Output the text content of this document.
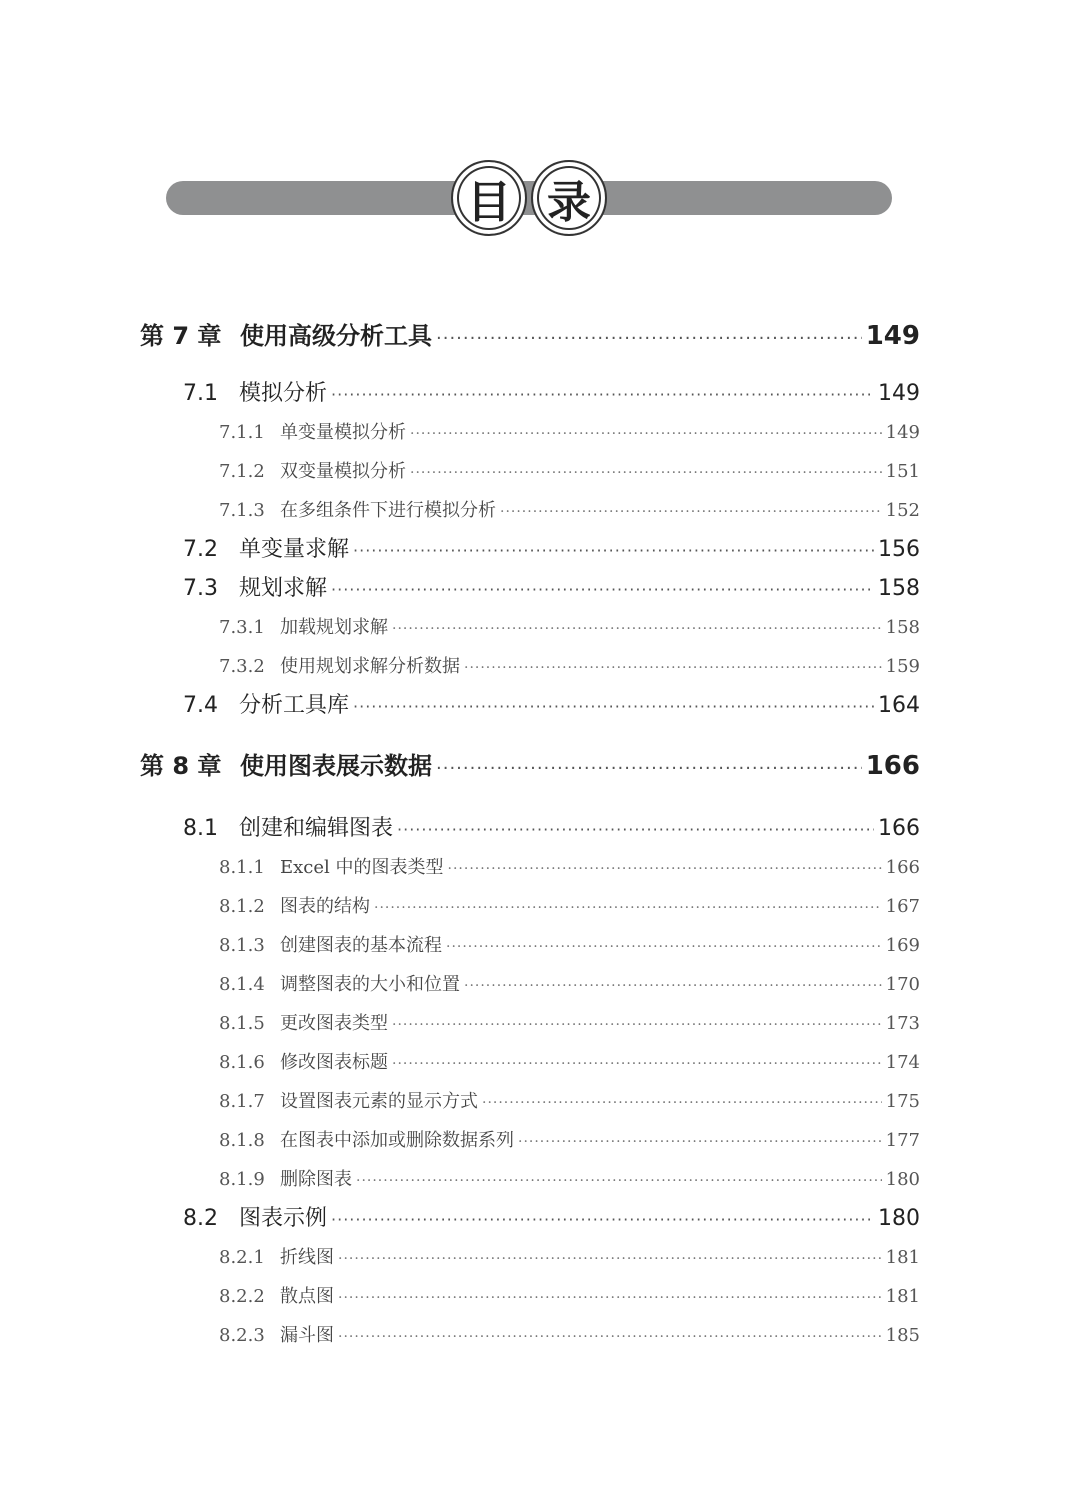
目 录
第 7 章 使用高级分析工具 ·····	149
7.1 模拟分析 ·····	149
7.1.1 单变量模拟分析 ·····	149
7.1.2 双变量模拟分析 ·····	151
7.1.3 在多组条件下进行模拟分析 ·····	152
7.2 单变量求解 ·····	156
7.3 规划求解 ·····	158
7.3.1 加载规划求解 ·····	158
7.3.2 使用规划求解分析数据 ·····	159
7.4 分析工具库 ·····	164
第 8 章 使用图表展示数据 ·····	166
8.1 创建和编辑图表 ·····	166
8.1.1 Excel 中的图表类型 ·····	166
8.1.2 图表的结构 ·····	167
8.1.3 创建图表的基本流程 ·····	169
8.1.4 调整图表的大小和位置 ·····	170
8.1.5 更改图表类型 ·····	173
8.1.6 修改图表标题 ·····	174
8.1.7 设置图表元素的显示方式 ·····	175
8.1.8 在图表中添加或删除数据系列 ·····	177
8.1.9 删除图表 ·····	180
8.2 图表示例 ·····	180
8.2.1 折线图 ·····	181
8.2.2 散点图 ·····	181
8.2.3 漏斗图 ·····	185
